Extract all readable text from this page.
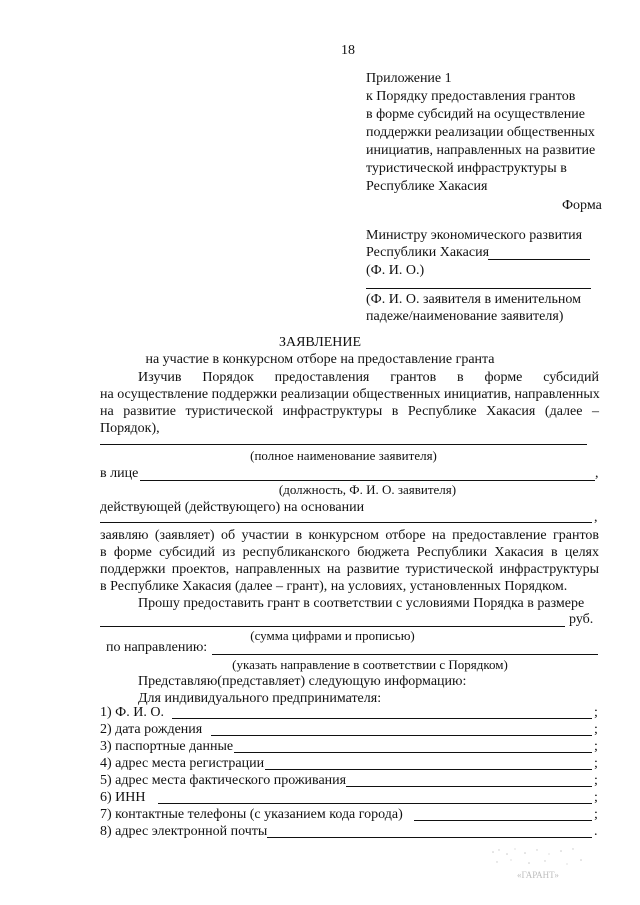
18
Приложение 1
к Порядку предоставления грантов
в форме субсидий на осуществление
поддержки реализации общественных
инициатив, направленных на развитие
туристической инфраструктуры в
Республике Хакасия
Форма
Министру экономического развития
Республики Хакасия
(Ф. И. О.)
(Ф. И. О. заявителя в именительном
падеже/наименование заявителя)
ЗАЯВЛЕНИЕ
на участие в конкурсном отборе на предоставление гранта
Изучив Порядок предоставления грантов в форме субсидий
на осуществление поддержки реализации общественных инициатив, направленных
на развитие туристической инфраструктуры в Республике Хакасия (далее –
Порядок),
(полное наименование заявителя)
в лице	,
(должность, Ф. И. О. заявителя)
действующей (действующего) на основании
,
заявляю (заявляет) об участии в конкурсном отборе на предоставление грантов
в форме субсидий из республиканского бюджета Республики Хакасия в целях
поддержки проектов, направленных на развитие туристической инфраструктуры
в Республике Хакасия (далее – грант), на условиях, установленных Порядком.
Прошу предоставить грант в соответствии с условиями Порядка в размере
руб.
(сумма цифрами и прописью)
по направлению:
(указать направление в соответствии с Порядком)
Представляю(представляет) следующую информацию:
Для индивидуального предпринимателя:
1) Ф. И. О.	;
2) дата рождения	;
3) паспортные данные	;
4) адрес места регистрации	;
5) адрес места фактического проживания	;
6) ИНН	;
7) контактные телефоны (с указанием кода города)	;
8) адрес электронной почты	.
«ГАРАНТ»
